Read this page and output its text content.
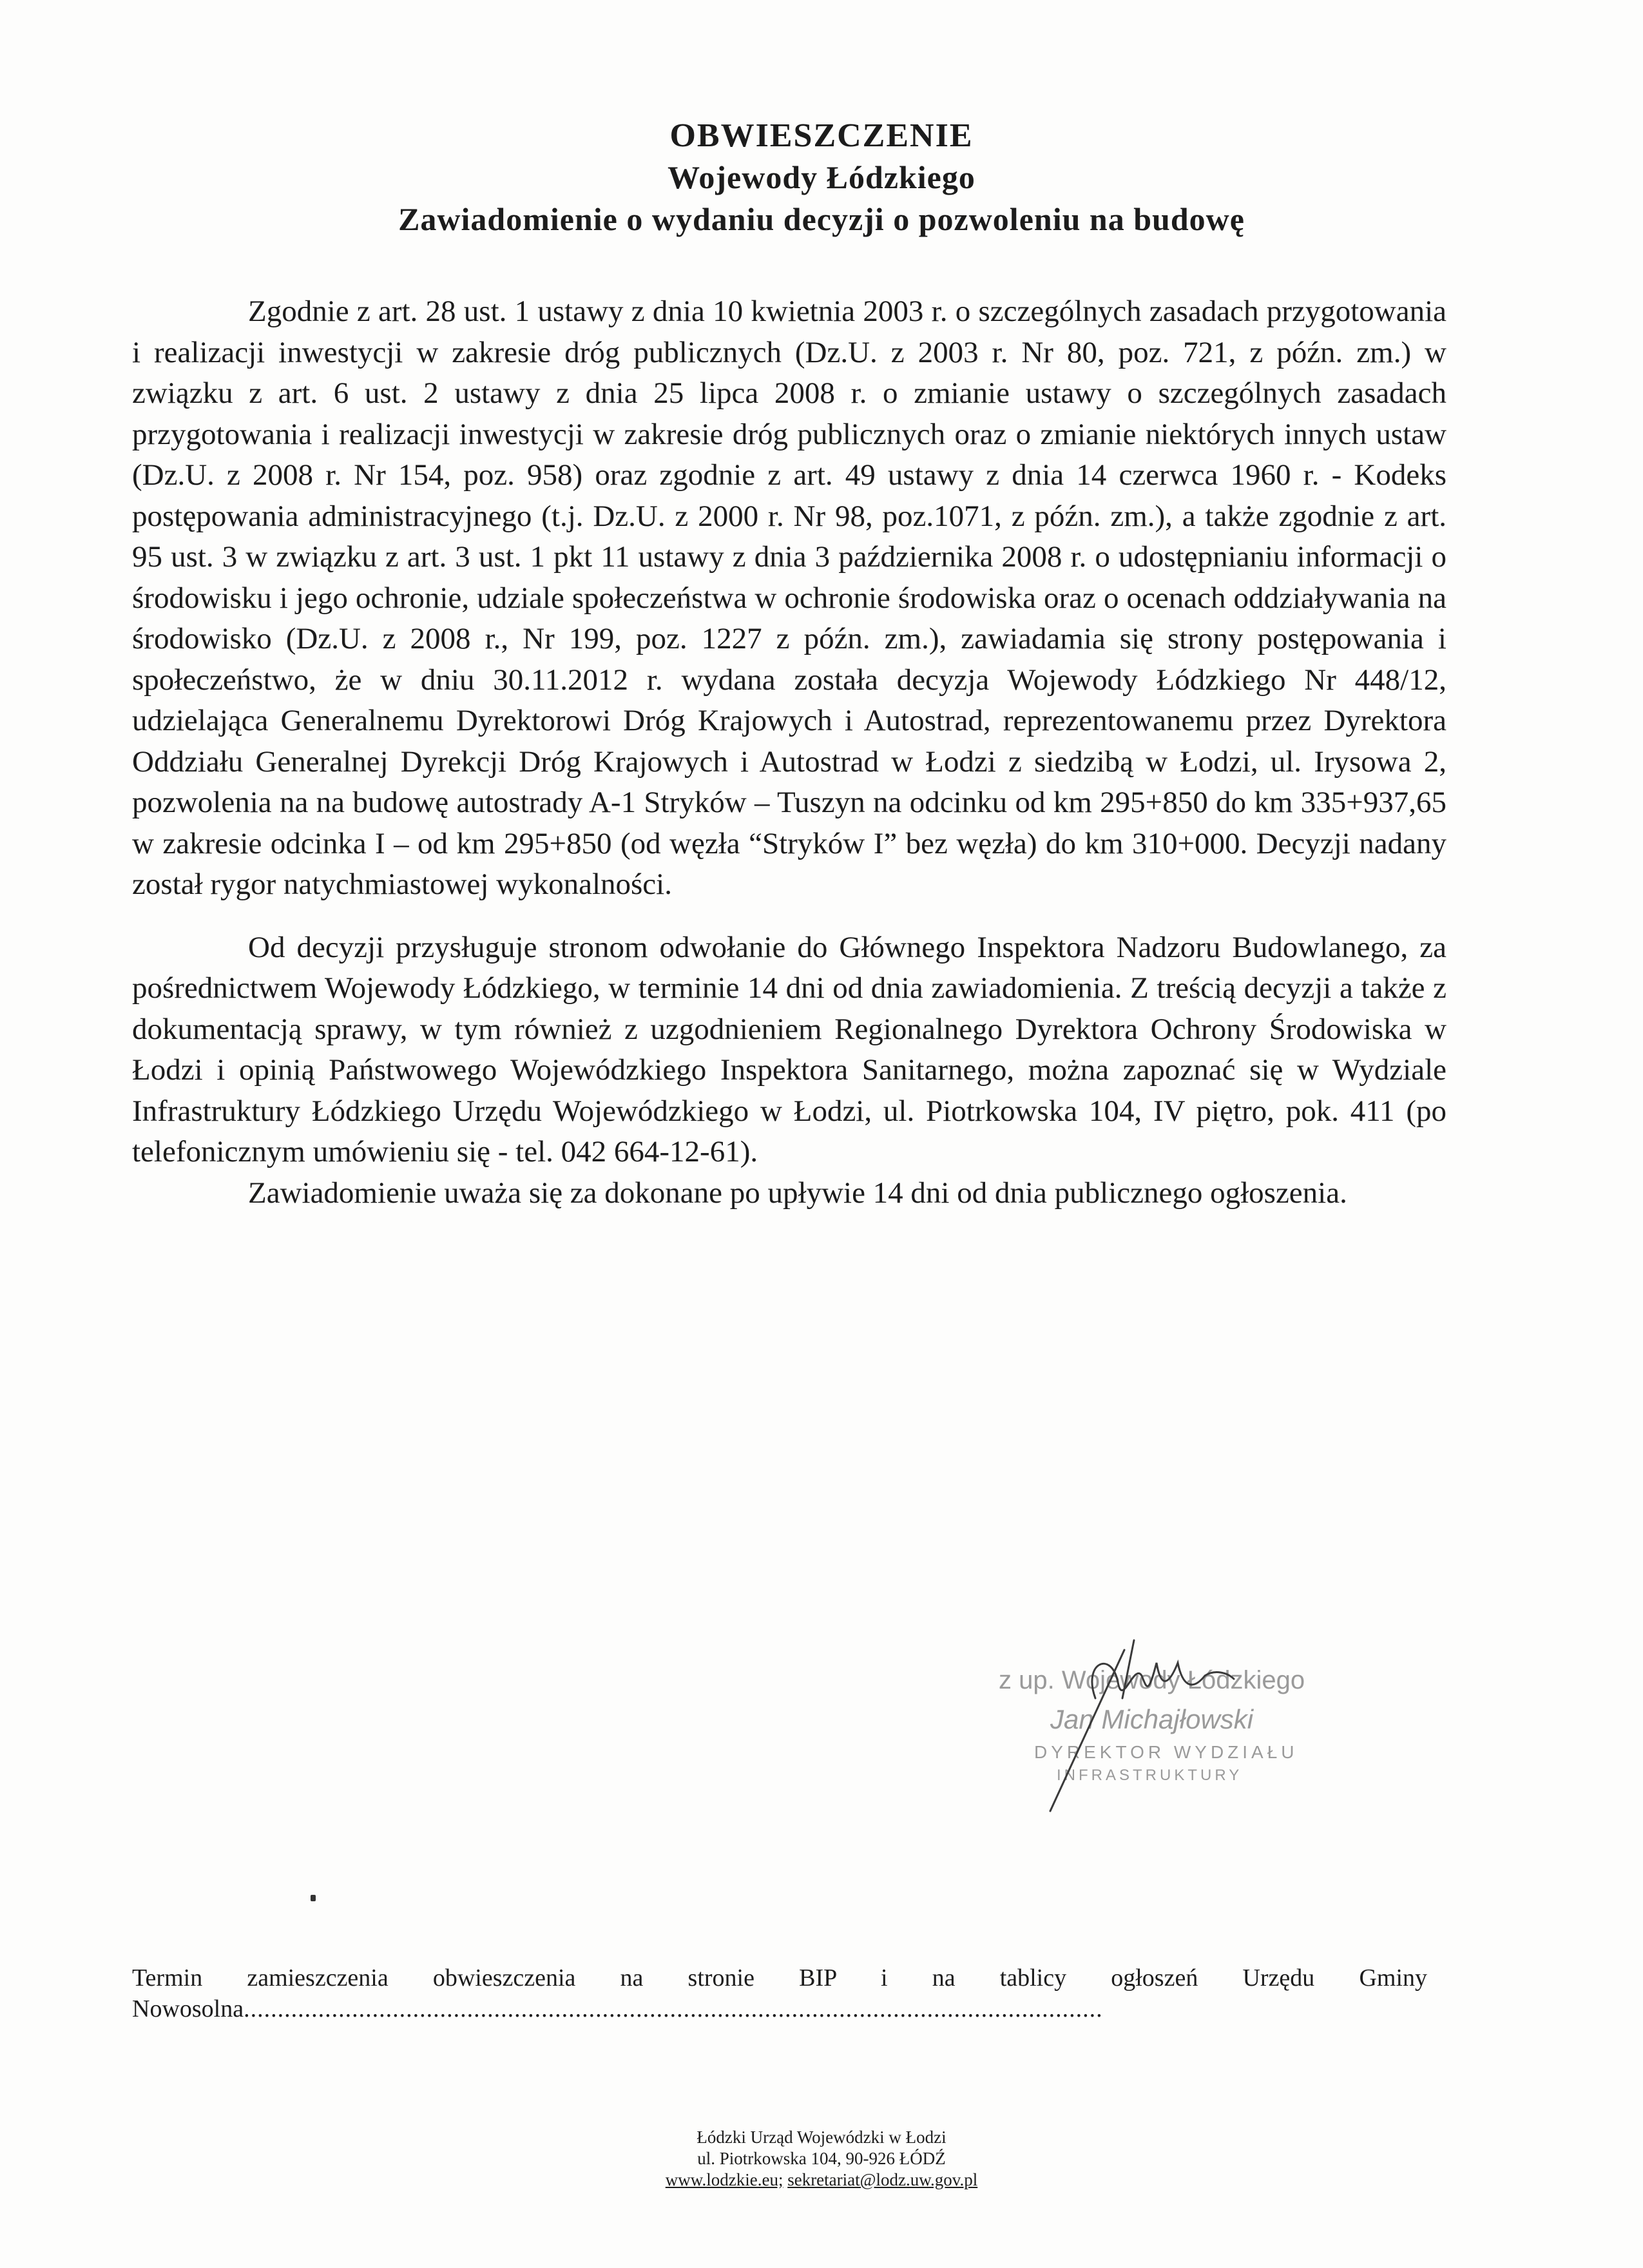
OBWIESZCZENIE
Wojewody Łódzkiego
Zawiadomienie o wydaniu decyzji o pozwoleniu na budowę

Zgodnie z art. 28 ust. 1 ustawy z dnia 10 kwietnia 2003 r. o szczególnych zasadach przygotowania i realizacji inwestycji w zakresie dróg publicznych (Dz.U. z 2003 r. Nr 80, poz. 721, z późn. zm.) w związku z art. 6 ust. 2 ustawy z dnia 25 lipca 2008 r. o zmianie ustawy o szczególnych zasadach przygotowania i realizacji inwestycji w zakresie dróg publicznych oraz o zmianie niektórych innych ustaw (Dz.U. z 2008 r. Nr 154, poz. 958) oraz zgodnie z art. 49 ustawy z dnia 14 czerwca 1960 r. - Kodeks postępowania administracyjnego (t.j. Dz.U. z 2000 r. Nr 98, poz.1071, z późn. zm.), a także zgodnie z art. 95 ust. 3 w związku z art. 3 ust. 1 pkt 11 ustawy z dnia 3 października 2008 r. o udostępnianiu informacji o środowisku i jego ochronie, udziale społeczeństwa w ochronie środowiska oraz o ocenach oddziaływania na środowisko (Dz.U. z 2008 r., Nr 199, poz. 1227 z późn. zm.), zawiadamia się strony postępowania i społeczeństwo, że w dniu 30.11.2012 r. wydana została decyzja Wojewody Łódzkiego Nr 448/12, udzielająca Generalnemu Dyrektorowi Dróg Krajowych i Autostrad, reprezentowanemu przez Dyrektora Oddziału Generalnej Dyrekcji Dróg Krajowych i Autostrad w Łodzi z siedzibą w Łodzi, ul. Irysowa 2, pozwolenia na na budowę autostrady A-1 Stryków – Tuszyn na odcinku od km 295+850 do km 335+937,65 w zakresie odcinka I – od km 295+850 (od węzła “Stryków I” bez węzła) do km 310+000. Decyzji nadany został rygor natychmiastowej wykonalności.

Od decyzji przysługuje stronom odwołanie do Głównego Inspektora Nadzoru Budowlanego, za pośrednictwem Wojewody Łódzkiego, w terminie 14 dni od dnia zawiadomienia. Z treścią decyzji a także z dokumentacją sprawy, w tym również z uzgodnieniem Regionalnego Dyrektora Ochrony Środowiska w Łodzi i opinią Państwowego Wojewódzkiego Inspektora Sanitarnego, można zapoznać się w Wydziale Infrastruktury Łódzkiego Urzędu Wojewódzkiego w Łodzi, ul. Piotrkowska 104, IV piętro, pok. 411 (po telefonicznym umówieniu się - tel. 042 664-12-61).

Zawiadomienie uważa się za dokonane po upływie 14 dni od dnia publicznego ogłoszenia.

z up. Wojewody Łódzkiego
Jan Michajłowski
DYREKTOR WYDZIAŁU
INFRASTRUKTURY
Termin zamieszczenia obwieszczenia na stronie BIP i na tablicy ogłoszeń Urzędu Gminy Nowosolna...............................................................................................................................
Łódzki Urząd Wojewódzki w Łodzi
ul. Piotrkowska 104, 90-926 ŁÓDŹ
www.lodzkie.eu; sekretariat@lodz.uw.gov.pl
